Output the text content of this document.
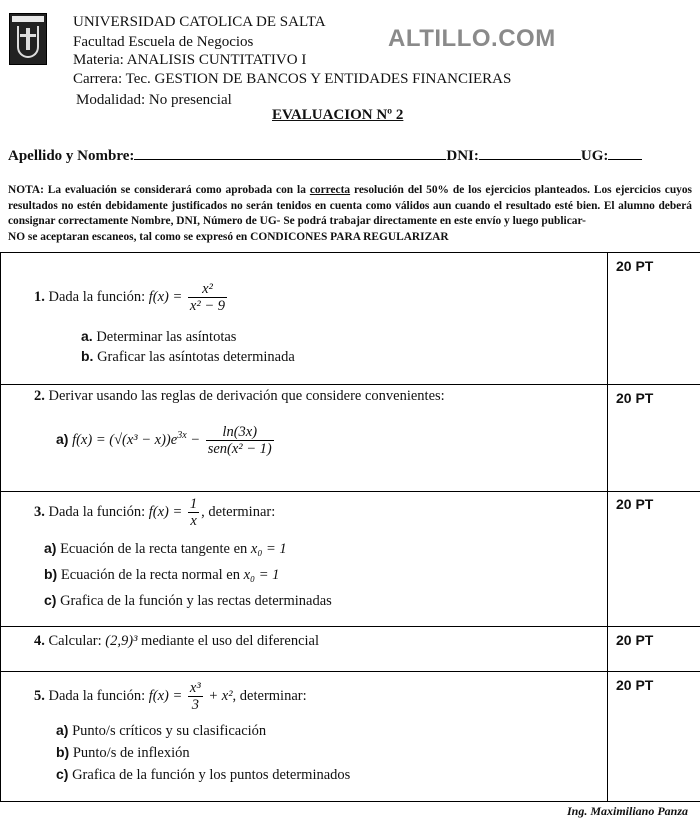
UNIVERSIDAD CATOLICA DE SALTA
Facultad Escuela de Negocios
Materia: ANALISIS CUNTITATIVO I
Carrera: Tec. GESTION DE BANCOS Y ENTIDADES FINANCIERAS
Modalidad: No presencial
ALTILLO.COM
EVALUACION Nº 2
Apellido y Nombre:	DNI:	UG:

NOTA: La evaluación se considerará como aprobada con la correcta resolución del 50% de los ejercicios planteados. Los ejercicios cuyos resultados no estén debidamente justificados no serán tenidos en cuenta como válidos aun cuando el resultado esté bien. El alumno deberá consignar correctamente Nombre, DNI, Número de UG- Se podrá trabajar directamente en este envío y luego publicar-

NO se aceptaran escaneos, tal como se expresó en CONDICONES PARA REGULARIZAR

20 PT
20 PT
20 PT
20 PT
20 PT
1. Dada la función: $f(x) = \frac{\text{x²}}{\text{x² − 9}}$
a. Determinar las asíntotas
b. Graficar las asíntotas determinada
2. Derivar usando las reglas de derivación que considere convenientes:
a) $f(x) = (√(x^3 - x))e^{3x} - \frac{\ln(3x)}{\text{sen(x² − 1)}}$
3. Dada la función: $f(x) = \frac{1}{x}$ , determinar:
a) Ecuación de la recta tangente en x₀ = 1
b) Ecuación de la recta normal en x₀ = 1
c) Grafica de la función y las rectas determinadas
4. Calcular: (2,9)³ mediante el uso del diferencial
5. Dada la función: $f(x) = \frac{\text{x³}}{3} + x^2$, determinar:
a) Punto/s críticos y su clasificación
b) Punto/s de inflexión
c) Grafica de la función y los puntos determinados
Ing. Maximiliano Panza
